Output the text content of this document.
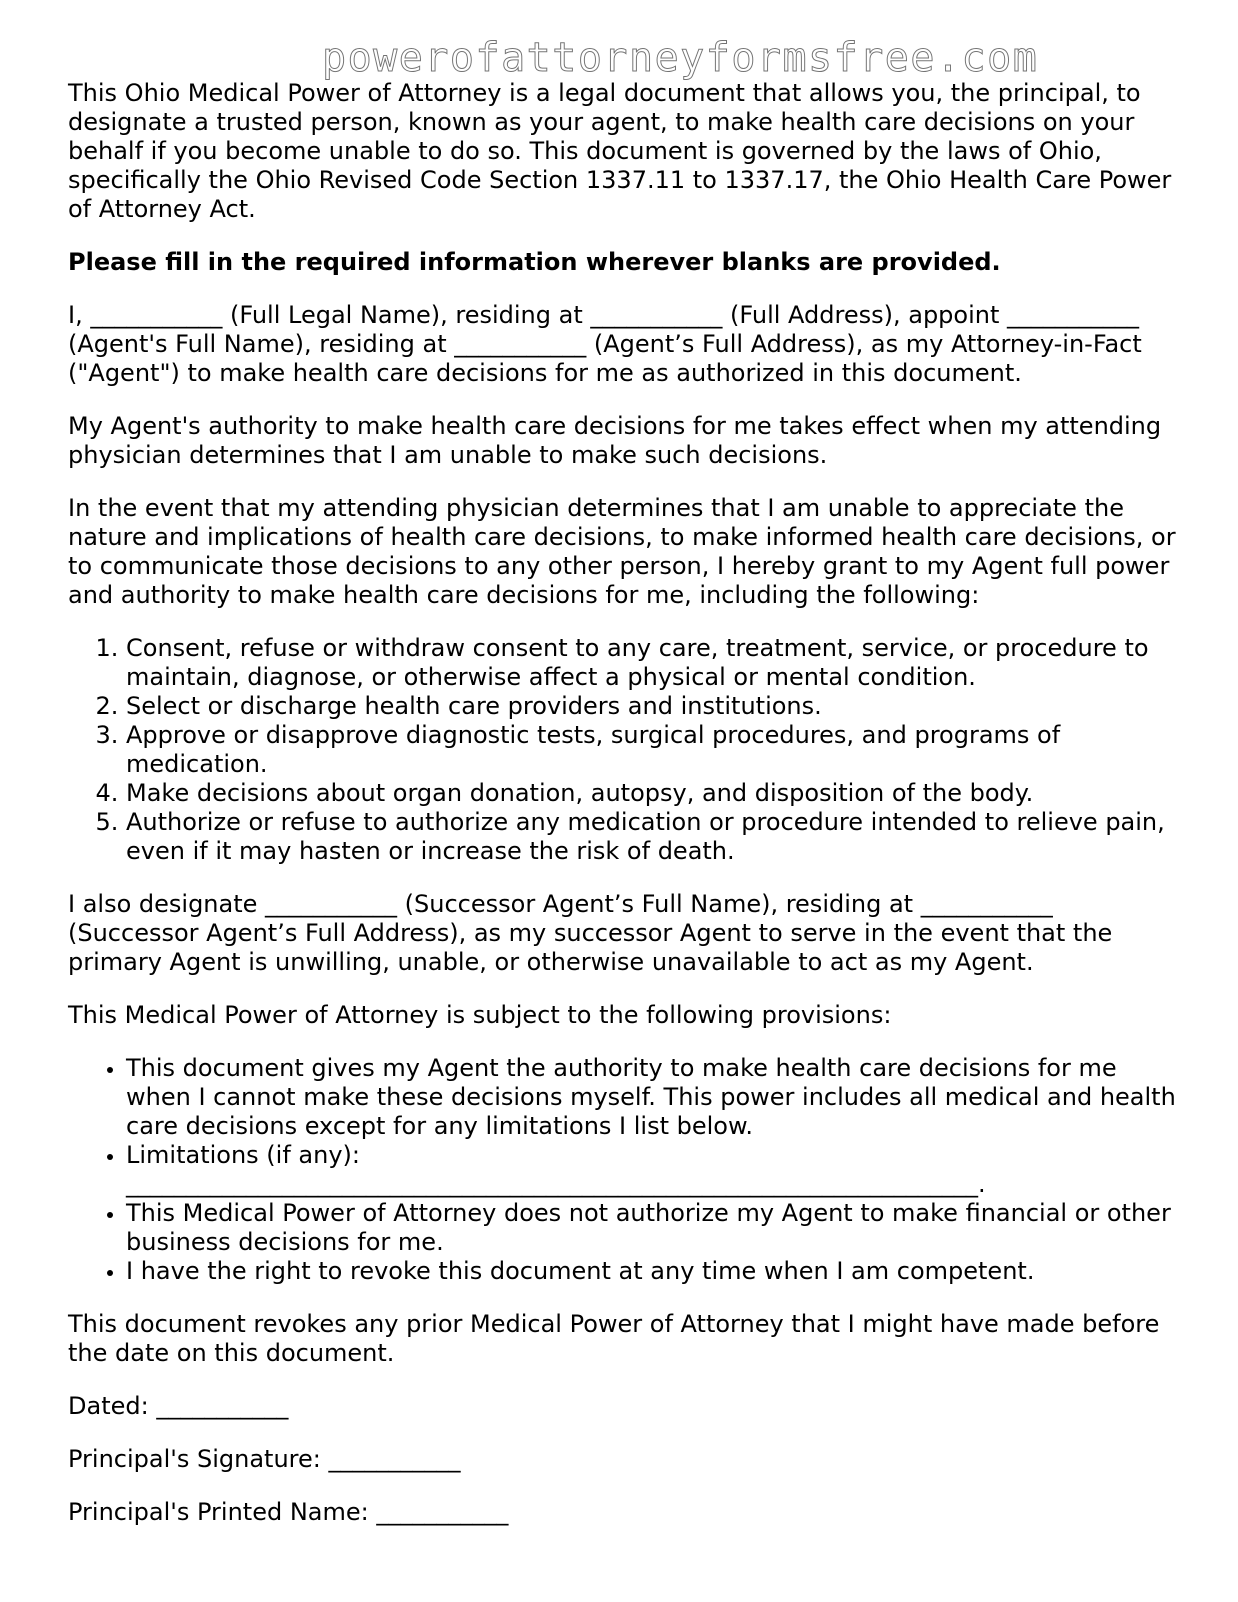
powerofattorneyformsfree.com

This Ohio Medical Power of Attorney is a legal document that allows you, the principal, to designate a trusted person, known as your agent, to make health care decisions on your behalf if you become unable to do so. This document is governed by the laws of Ohio, specifically the Ohio Revised Code Section 1337.11 to 1337.17, the Ohio Health Care Power of Attorney Act.

Please fill in the required information wherever blanks are provided.

I, ___________ (Full Legal Name), residing at ___________ (Full Address), appoint ___________ (Agent's Full Name), residing at ___________ (Agent’s Full Address), as my Attorney-in-Fact ("Agent") to make health care decisions for me as authorized in this document.

My Agent's authority to make health care decisions for me takes effect when my attending physician determines that I am unable to make such decisions.

In the event that my attending physician determines that I am unable to appreciate the nature and implications of health care decisions, to make informed health care decisions, or to communicate those decisions to any other person, I hereby grant to my Agent full power and authority to make health care decisions for me, including the following:

1. Consent, refuse or withdraw consent to any care, treatment, service, or procedure to maintain, diagnose, or otherwise affect a physical or mental condition.
2. Select or discharge health care providers and institutions.
3. Approve or disapprove diagnostic tests, surgical procedures, and programs of medication.
4. Make decisions about organ donation, autopsy, and disposition of the body.
5. Authorize or refuse to authorize any medication or procedure intended to relieve pain, even if it may hasten or increase the risk of death.

I also designate ___________ (Successor Agent’s Full Name), residing at ___________ (Successor Agent’s Full Address), as my successor Agent to serve in the event that the primary Agent is unwilling, unable, or otherwise unavailable to act as my Agent.

This Medical Power of Attorney is subject to the following provisions:

• This document gives my Agent the authority to make health care decisions for me when I cannot make these decisions myself. This power includes all medical and health care decisions except for any limitations I list below.
• Limitations (if any): _______________________________________________________________________.
• This Medical Power of Attorney does not authorize my Agent to make financial or other business decisions for me.
• I have the right to revoke this document at any time when I am competent.

This document revokes any prior Medical Power of Attorney that I might have made before the date on this document.

Dated: ___________

Principal's Signature: ___________

Principal's Printed Name: ___________
